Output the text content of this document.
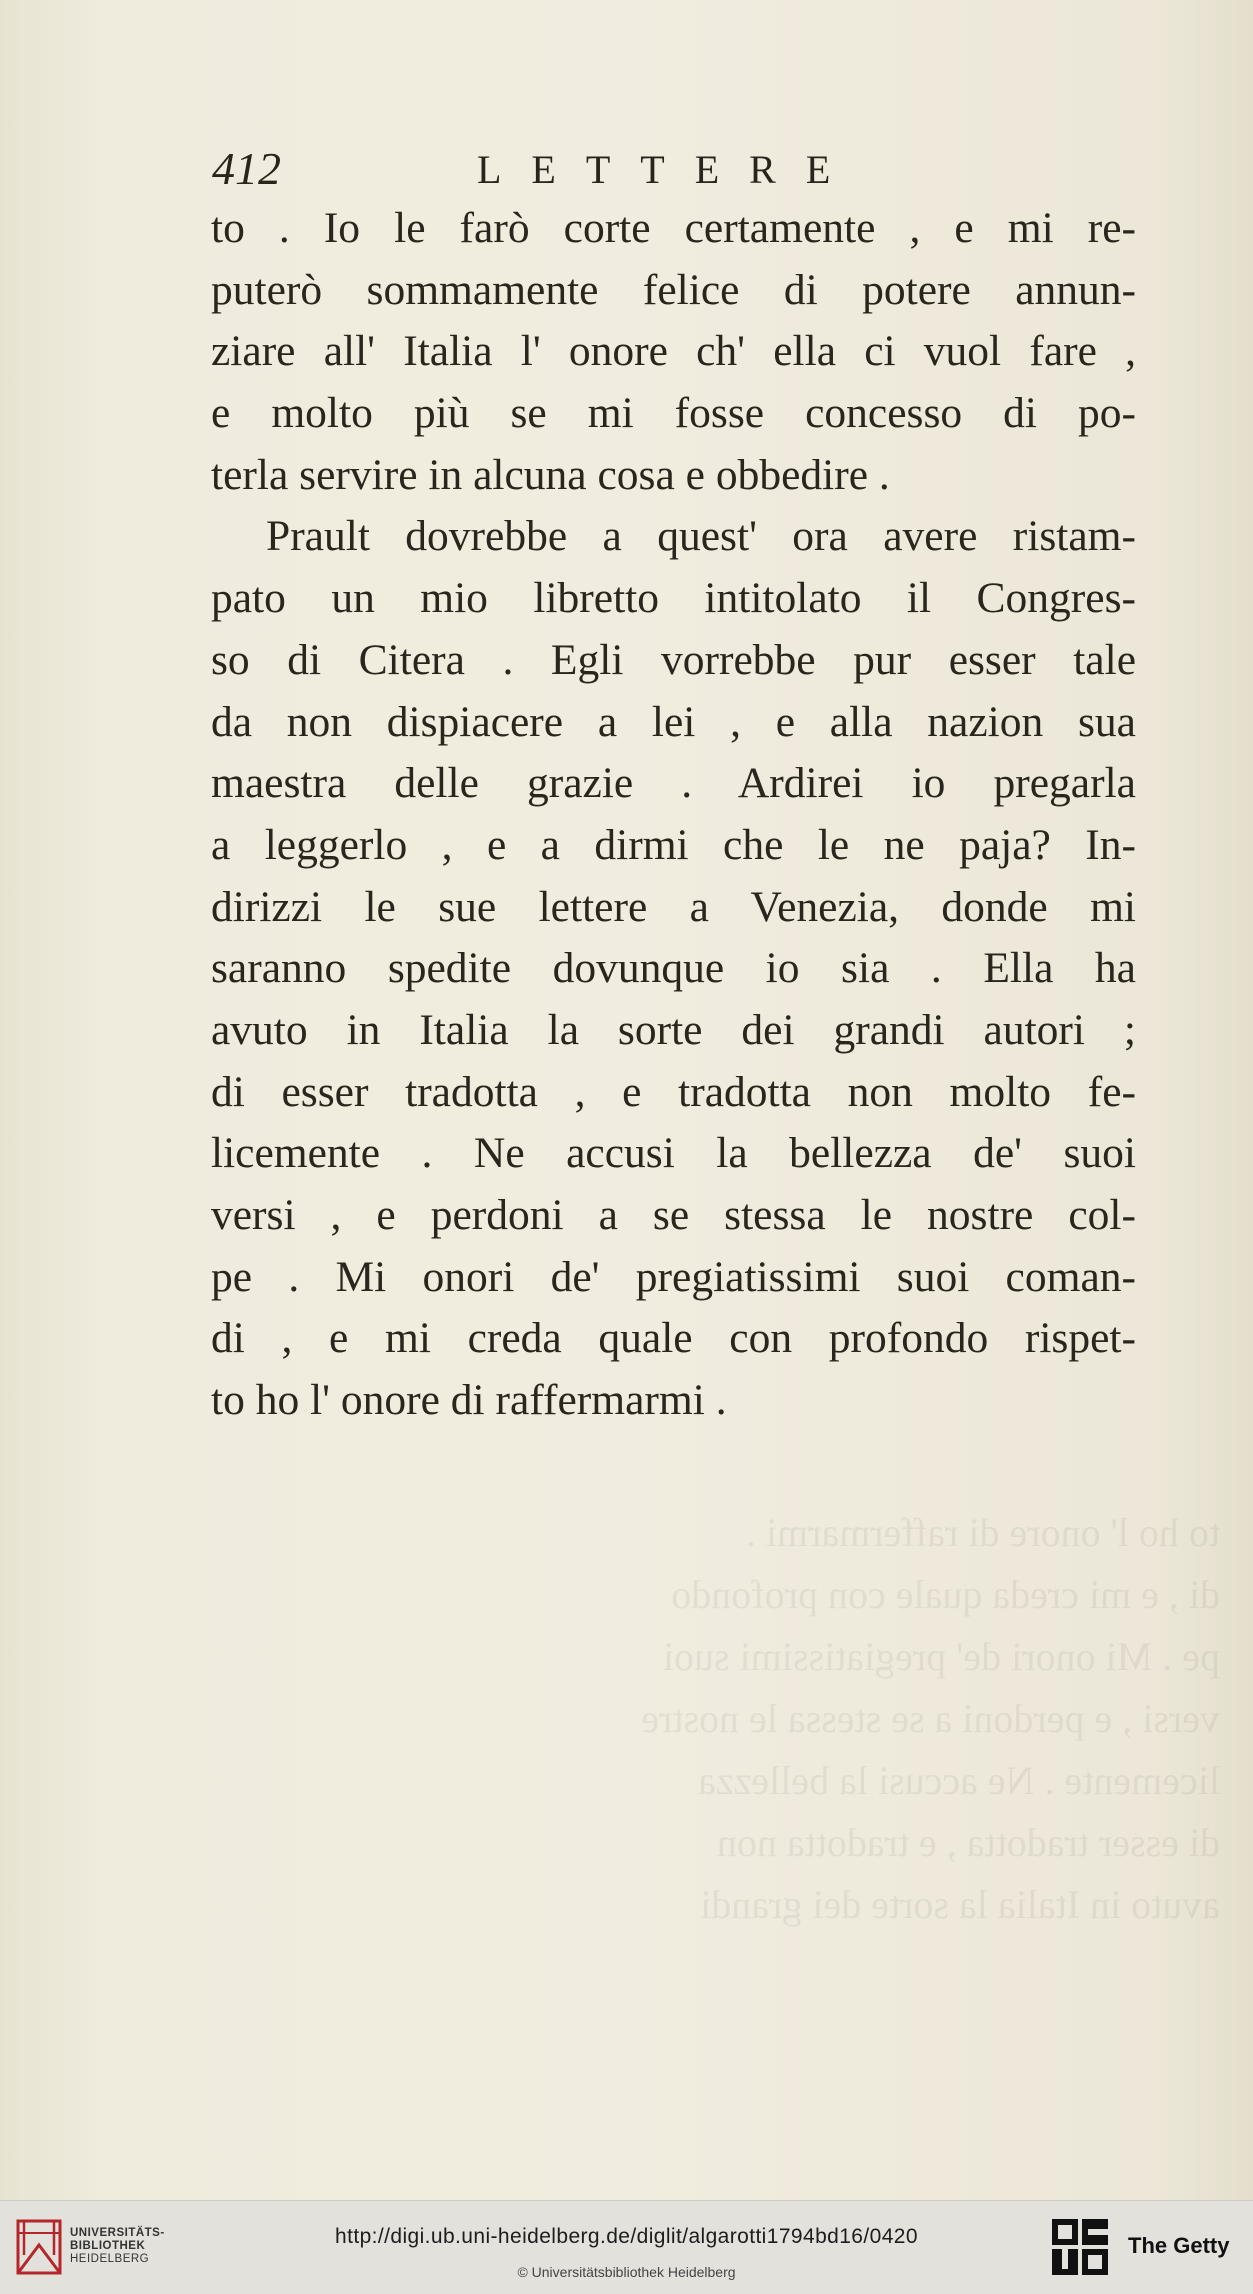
to ho l' onore di raffermarmi .
di , e mi creda quale con profondo
pe . Mi onori de' pregiatissimi suoi
versi , e perdoni a se stessa le nostre
licemente . Ne accusi la bellezza
di esser tradotta , e tradotta non
avuto in Italia la sorte dei grandi

412	LETTERE
to . Io le farò corte certamente , e mi re-
puterò sommamente felice di potere annun-
ziare all' Italia l' onore ch' ella ci vuol fare ,
e molto più se mi fosse concesso di po-
terla servire in alcuna cosa e obbedire .
Prault dovrebbe a quest' ora avere ristam-
pato un mio libretto intitolato il Congres-
so di Citera . Egli vorrebbe pur esser tale
da non dispiacere a lei , e alla nazion sua
maestra delle grazie . Ardirei io pregarla
a leggerlo , e a dirmi che le ne paja? In-
dirizzi le sue lettere a Venezia, donde mi
saranno spedite dovunque io sia . Ella ha
avuto in Italia la sorte dei grandi autori ;
di esser tradotta , e tradotta non molto fe-
licemente . Ne accusi la bellezza de' suoi
versi , e perdoni a se stessa le nostre col-
pe . Mi onori de' pregiatissimi suoi coman-
di , e mi creda quale con profondo rispet-
to ho l' onore di raffermarmi .
UNIVERSITÄTS-
BIBLIOTHEK
HEIDELBERG
http://digi.ub.uni-heidelberg.de/diglit/algarotti1794bd16/0420
© Universitätsbibliothek Heidelberg
The Getty
